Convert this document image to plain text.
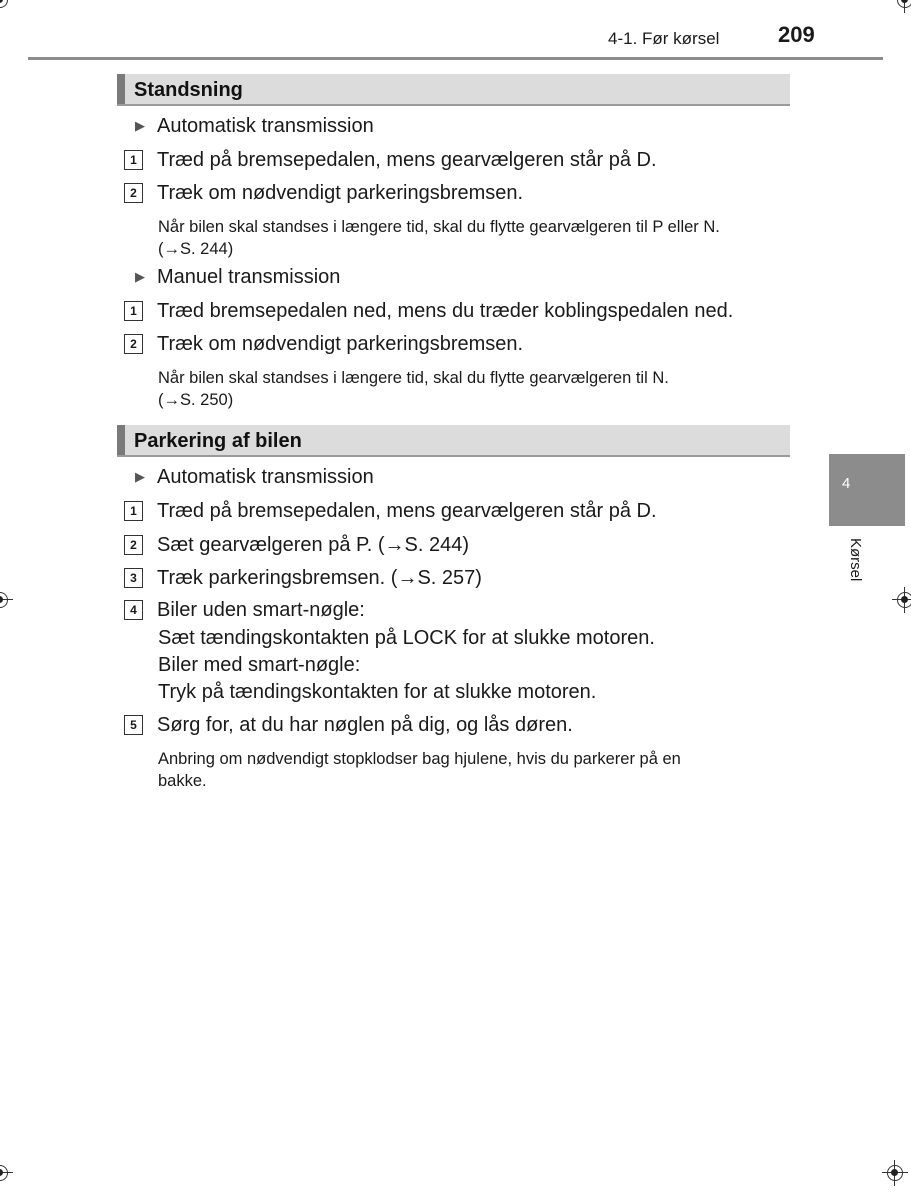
4-1. Før kørsel	209
4
Kørsel
Standsning
▶ Automatisk transmission
1 Træd på bremsepedalen, mens gearvælgeren står på D.
2 Træk om nødvendigt parkeringsbremsen.
Når bilen skal standses i længere tid, skal du flytte gearvælgeren til P eller N.
(→S. 244)
▶ Manuel transmission
1 Træd bremsepedalen ned, mens du træder koblingspedalen ned.
2 Træk om nødvendigt parkeringsbremsen.
Når bilen skal standses i længere tid, skal du flytte gearvælgeren til N.
(→S. 250)
Parkering af bilen
▶ Automatisk transmission
1 Træd på bremsepedalen, mens gearvælgeren står på D.
2 Sæt gearvælgeren på P. (→S. 244)
3 Træk parkeringsbremsen. (→S. 257)
4 Biler uden smart-nøgle:
Sæt tændingskontakten på LOCK for at slukke motoren.
Biler med smart-nøgle:
Tryk på tændingskontakten for at slukke motoren.
5 Sørg for, at du har nøglen på dig, og lås døren.
Anbring om nødvendigt stopklodser bag hjulene, hvis du parkerer på en
bakke.
